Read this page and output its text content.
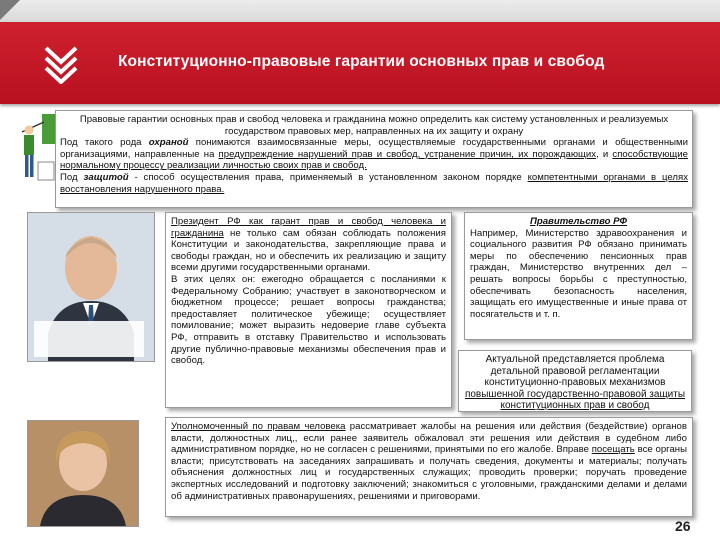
Конституционно-правовые гарантии основных прав и свобод

Правовые гарантии основных прав и свобод человека и гражданина можно определить как систему установленных и реализуемых государством правовых мер, направленных на их защиту и охрану

Под такого рода охраной понимаются взаимосвязанные меры, осуществляемые государственными органами и общественными организациями, направленные на предупреждение нарушений прав и свобод, устранение причин, их порождающих, и способствующие нормальному процессу реализации личностью своих прав и свобод.

Под защитой - способ осуществления права, применяемый в установленном законом порядке компетентными органами в целях восстановления нарушенного права.

Президент РФ как гарант прав и свобод человека и гражданина не только сам обязан соблюдать положения Конституции и законодательства, закрепляющие права и свободы граждан, но и обеспечить их реализацию и защиту всеми другими государственными органами.

В этих целях он: ежегодно обращается с посланиями к Федеральному Собранию; участвует в законотворческом и бюджетном процессе; решает вопросы гражданства; предоставляет политическое убежище; осуществляет помилование; может выразить недоверие главе субъекта РФ, отправить в отставку Правительство и использовать другие публично-правовые механизмы обеспечения прав и свобод.

Правительство РФ

Например, Министерство здравоохранения и социального развития РФ обязано принимать меры по обеспечению пенсионных прав граждан, Министерство внутренних дел – решать вопросы борьбы с преступностью, обеспечивать безопасность населения, защищать его имущественные и иные права от посягательств и т. п.

Актуальной представляется проблема детальной правовой регламентации конституционно-правовых механизмов

повышенной государственно-правовой защиты конституционных прав и свобод

Уполномоченный по правам человека рассматривает жалобы на решения или действия (бездействие) органов власти, должностных лиц,, если ранее заявитель обжаловал эти решения или действия в судебном либо административном порядке, но не согласен с решениями, принятыми по его жалобе. Вправе посещать все органы власти; присутствовать на заседаниях запрашивать и получать сведения, документы и материалы; получать объяснения должностных лиц и государственных служащих; проводить проверки; поручать проведение экспертных исследований и подготовку заключений; знакомиться с уголовными, гражданскими делами и делами об административных правонарушениях, решениями и приговорами.

26
